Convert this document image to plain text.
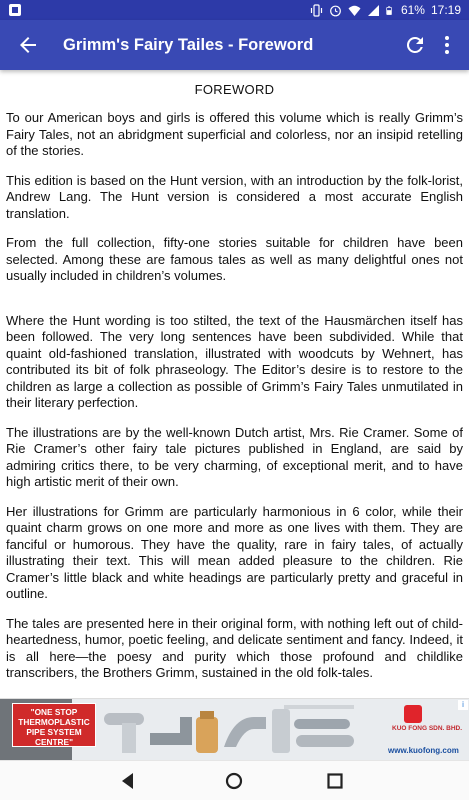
61% 17:19
Grimm's Fairy Tailes - Foreword
FOREWORD

To our American boys and girls is offered this volume which is really Grimm’s Fairy Tales, not an abridgment superficial and colorless, nor an insipid retelling of the stories.

This edition is based on the Hunt version, with an introduction by the folk-lorist, Andrew Lang. The Hunt version is considered a most accurate English translation.

From the full collection, fifty-one stories suitable for children have been selected. Among these are famous tales as well as many delightful ones not usually included in children’s volumes.

Where the Hunt wording is too stilted, the text of the Hausmärchen itself has been followed. The very long sentences have been subdivided. While that quaint old-fashioned translation, illustrated with woodcuts by Wehnert, has contributed its bit of folk phraseology. The Editor’s desire is to restore to the children as large a collection as possible of Grimm’s Fairy Tales unmutilated in their literary perfection.

The illustrations are by the well-known Dutch artist, Mrs. Rie Cramer. Some of Rie Cramer’s other fairy tale pictures published in England, are said by admiring critics there, to be very charming, of exceptional merit, and to have high artistic merit of their own.

Her illustrations for Grimm are particularly harmonious in 6 color, while their quaint charm grows on one more and more as one lives with them. They are fanciful or humorous. They have the quality, rare in fairy tales, of actually illustrating their text. This will mean added pleasure to the children. Rie Cramer’s little black and white headings are particularly pretty and graceful in outline.

The tales are presented here in their original form, with nothing left out of child-heartedness, humor, poetic feeling, and delicate sentiment and fancy. Indeed, it is all here—the poesy and purity which those profound and childlike transcribers, the Brothers Grimm, sustained in the old folk-tales.

"ONE STOP
THERMOPLASTIC
PIPE SYSTEM
CENTRE"
KUO FONG SDN. BHD.
www.kuofong.com
i
